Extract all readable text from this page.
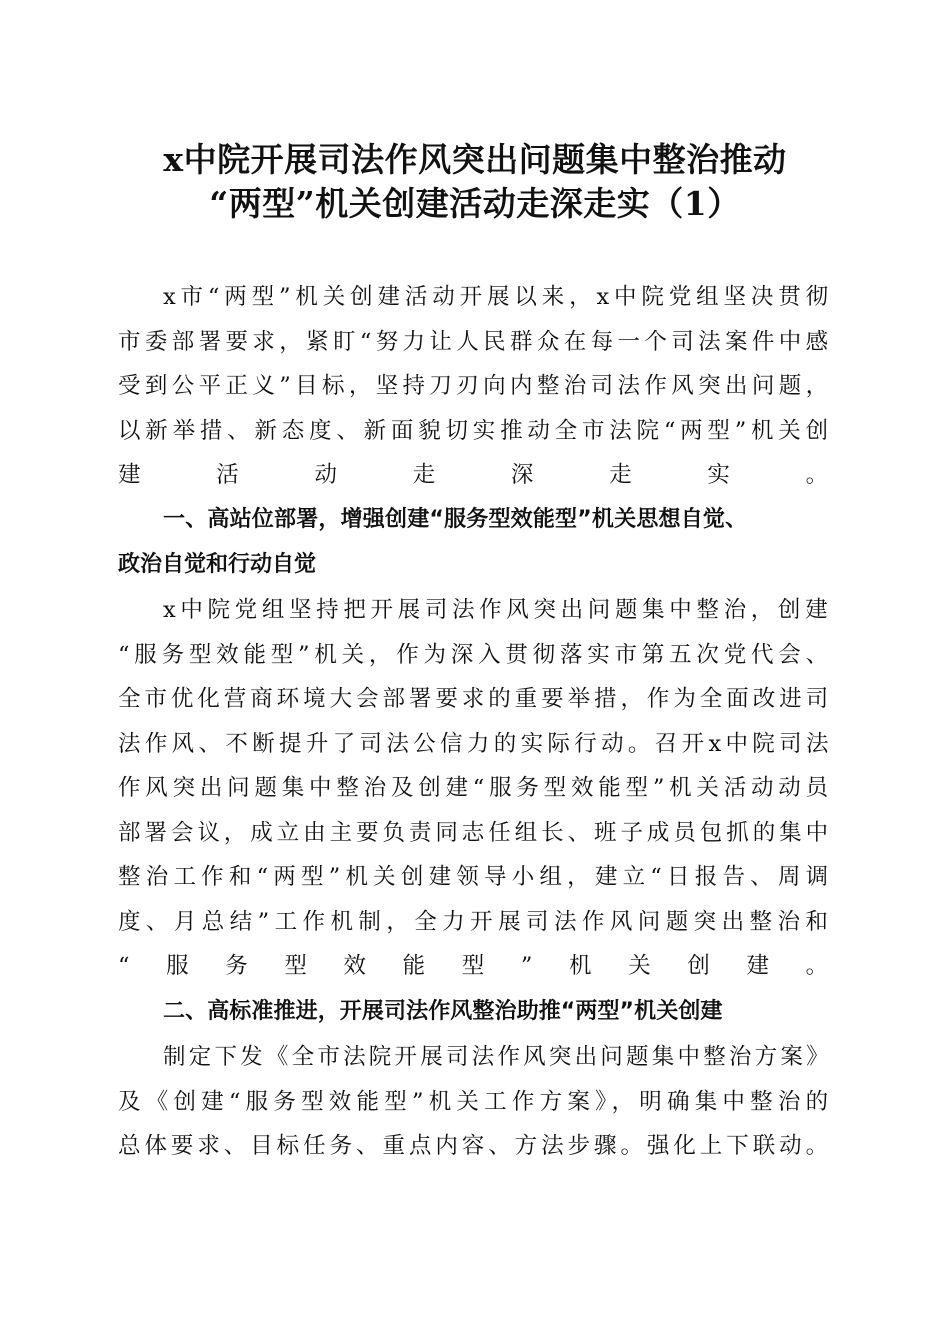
x中院开展司法作风突出问题集中整治推动
“两型”机关创建活动走深走实（1）
x市“两型”机关创建活动开展以来，x中院党组坚决贯彻
市委部署要求，紧盯“努力让人民群众在每一个司法案件中感
受到公平正义”目标，坚持刀刃向内整治司法作风突出问题，
以新举措、新态度、新面貌切实推动全市法院“两型”机关创
建活动走深走实。
一、高站位部署，增强创建“服务型效能型”机关思想自觉、
政治自觉和行动自觉
x中院党组坚持把开展司法作风突出问题集中整治，创建
“服务型效能型”机关，作为深入贯彻落实市第五次党代会、
全市优化营商环境大会部署要求的重要举措，作为全面改进司
法作风、不断提升了司法公信力的实际行动。召开x中院司法
作风突出问题集中整治及创建“服务型效能型”机关活动动员
部署会议，成立由主要负责同志任组长、班子成员包抓的集中
整治工作和“两型”机关创建领导小组，建立“日报告、周调
度、月总结”工作机制，全力开展司法作风问题突出整治和
“服务型效能型”机关创建。
二、高标准推进，开展司法作风整治助推“两型”机关创建
制定下发《全市法院开展司法作风突出问题集中整治方案》
及《创建“服务型效能型”机关工作方案》，明确集中整治的
总体要求、目标任务、重点内容、方法步骤。强化上下联动。
